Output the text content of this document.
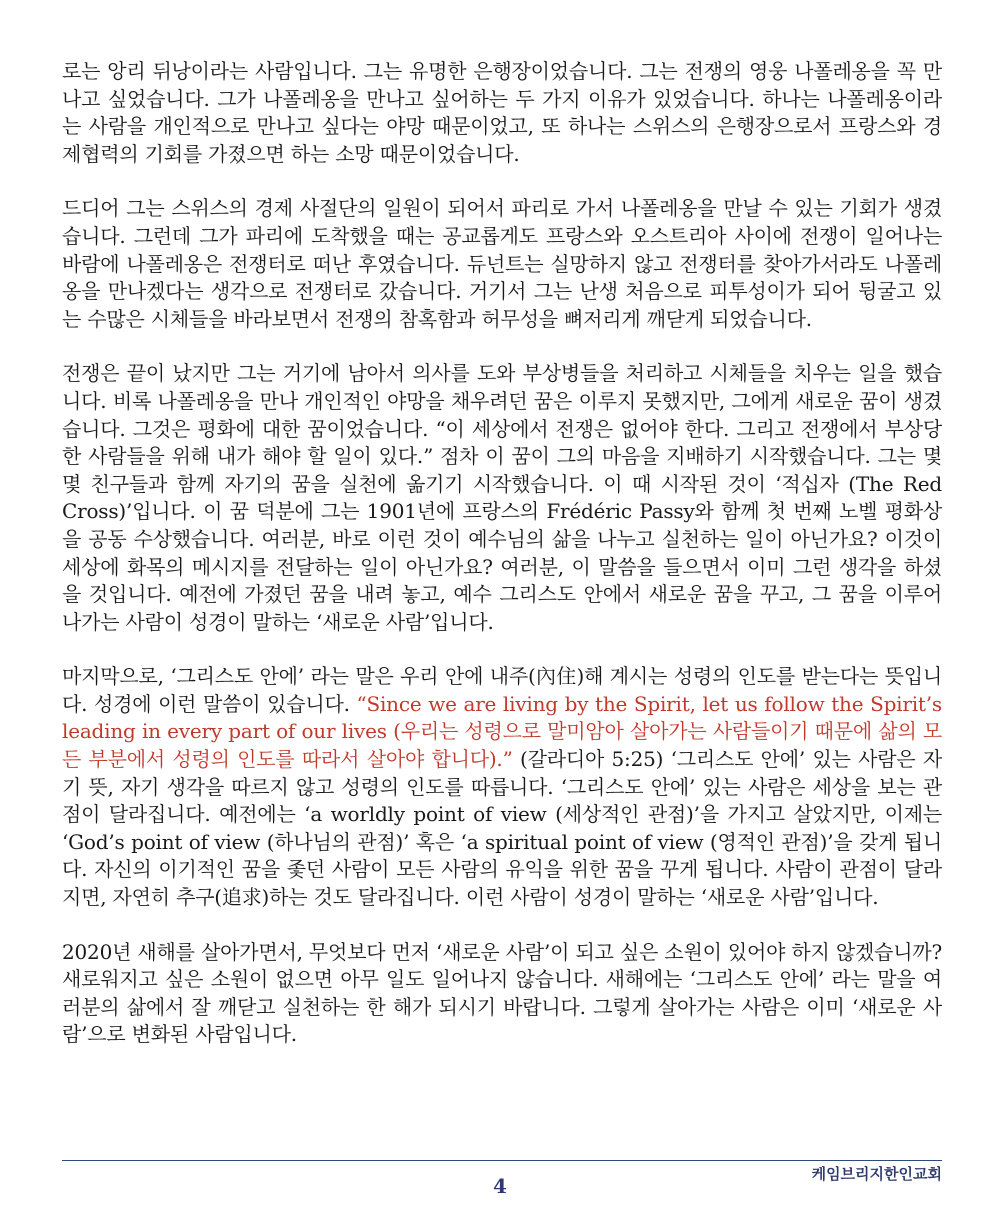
로는 앙리 뒤낭이라는 사람입니다. 그는 유명한 은행장이었습니다. 그는 전쟁의 영웅 나폴레옹을 꼭 만나고 싶었습니다. 그가 나폴레옹을 만나고 싶어하는 두 가지 이유가 있었습니다. 하나는 나폴레옹이라는 사람을 개인적으로 만나고 싶다는 야망 때문이었고, 또 하나는 스위스의 은행장으로서 프랑스와 경제협력의 기회를 가졌으면 하는 소망 때문이었습니다.

드디어 그는 스위스의 경제 사절단의 일원이 되어서 파리로 가서 나폴레옹을 만날 수 있는 기회가 생겼습니다. 그런데 그가 파리에 도착했을 때는 공교롭게도 프랑스와 오스트리아 사이에 전쟁이 일어나는 바람에 나폴레옹은 전쟁터로 떠난 후였습니다. 듀넌트는 실망하지 않고 전쟁터를 찾아가서라도 나폴레옹을 만나겠다는 생각으로 전쟁터로 갔습니다. 거기서 그는 난생 처음으로 피투성이가 되어 뒹굴고 있는 수많은 시체들을 바라보면서 전쟁의 참혹함과 허무성을 뼈저리게 깨닫게 되었습니다.

전쟁은 끝이 났지만 그는 거기에 남아서 의사를 도와 부상병들을 처리하고 시체들을 치우는 일을 했습니다. 비록 나폴레옹을 만나 개인적인 야망을 채우려던 꿈은 이루지 못했지만, 그에게 새로운 꿈이 생겼습니다. 그것은 평화에 대한 꿈이었습니다. “이 세상에서 전쟁은 없어야 한다. 그리고 전쟁에서 부상당한 사람들을 위해 내가 해야 할 일이 있다.” 점차 이 꿈이 그의 마음을 지배하기 시작했습니다. 그는 몇몇 친구들과 함께 자기의 꿈을 실천에 옮기기 시작했습니다. 이 때 시작된 것이 ‘적십자 (The Red Cross)’입니다. 이 꿈 덕분에 그는 1901년에 프랑스의 Frédéric Passy와 함께 첫 번째 노벨 평화상을 공동 수상했습니다. 여러분, 바로 이런 것이 예수님의 삶을 나누고 실천하는 일이 아닌가요? 이것이 세상에 화목의 메시지를 전달하는 일이 아닌가요? 여러분, 이 말씀을 들으면서 이미 그런 생각을 하셨을 것입니다. 예전에 가졌던 꿈을 내려 놓고, 예수 그리스도 안에서 새로운 꿈을 꾸고, 그 꿈을 이루어 나가는 사람이 성경이 말하는 ‘새로운 사람’입니다.

마지막으로, ‘그리스도 안에’ 라는 말은 우리 안에 내주(內住)해 계시는 성령의 인도를 받는다는 뜻입니다. 성경에 이런 말씀이 있습니다. “Since we are living by the Spirit, let us follow the Spirit’s leading in every part of our lives (우리는 성령으로 말미암아 살아가는 사람들이기 때문에 삶의 모든 부분에서 성령의 인도를 따라서 살아야 합니다).” (갈라디아 5:25) ‘그리스도 안에’ 있는 사람은 자기 뜻, 자기 생각을 따르지 않고 성령의 인도를 따릅니다. ‘그리스도 안에’ 있는 사람은 세상을 보는 관점이 달라집니다. 예전에는 ‘a worldly point of view (세상적인 관점)’을 가지고 살았지만, 이제는 ‘God’s point of view (하나님의 관점)’ 혹은 ‘a spiritual point of view (영적인 관점)’을 갖게 됩니다. 자신의 이기적인 꿈을 좇던 사람이 모든 사람의 유익을 위한 꿈을 꾸게 됩니다. 사람이 관점이 달라지면, 자연히 추구(追求)하는 것도 달라집니다. 이런 사람이 성경이 말하는 ‘새로운 사람’입니다.

2020년 새해를 살아가면서, 무엇보다 먼저 ‘새로운 사람’이 되고 싶은 소원이 있어야 하지 않겠습니까? 새로워지고 싶은 소원이 없으면 아무 일도 일어나지 않습니다. 새해에는 ‘그리스도 안에’ 라는 말을 여러분의 삶에서 잘 깨닫고 실천하는 한 해가 되시기 바랍니다. 그렇게 살아가는 사람은 이미 ‘새로운 사람’으로 변화된 사람입니다.

케임브리지한인교회
4
